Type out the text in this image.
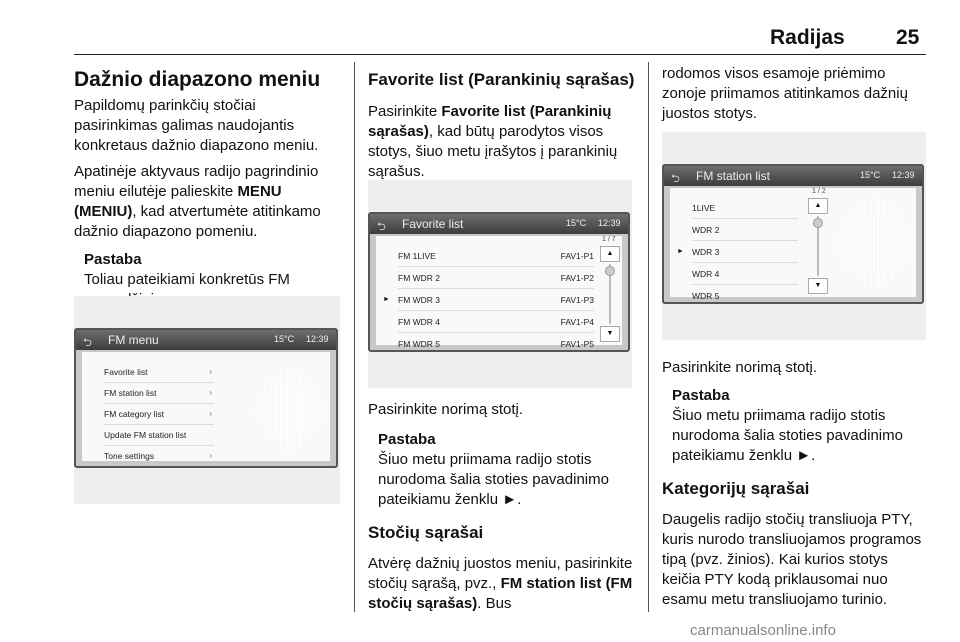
Radijas 25
Dažnio diapazono meniu

Papildomų parinkčių stočiai pasirinkimas galimas naudojantis konkretaus dažnio diapazono meniu.

Apatinėje aktyvaus radijo pagrindinio meniu eilutėje palieskite MENU (MENIU), kad atvertumėte atitinkamo dažnio diapazono pomeniu.

Pastaba
Toliau pateikiami konkretūs FM
⮌ FM menu	15°C 12:39
Favorite list	›
FM station list	›
FM category list	›
Update FM station list
Tone settings	›
Favorite list (Parankinių sąrašas)

Pasirinkite Favorite list (Parankinių sąrašas), kad būtų parodytos visos stotys, šiuo metu įrašytos į parankinių sąrašus.

⮌ Favorite list	15°C 12:39
FM 1LIVE	FAV1-P1
FM WDR 2	FAV1-P2
► FM WDR 3	FAV1-P3
FM WDR 4	FAV1-P4
FM WDR 5	FAV1-P5
1 / 7
▲
▼

Pasirinkite norimą stotį.

Pastaba
Šiuo metu priimama radijo stotis nurodoma šalia stoties pavadinimo pateikiamu ženklu ►.
Stočių sąrašai

Atvėrę dažnių juostos meniu, pasirinkite stočių sąrašą, pvz., FM station list (FM stočių sąrašas). Bus

rodomos visos esamoje priėmimo zonoje priimamos atitinkamos dažnių juostos stotys.

⮌ FM station list	15°C 12:39
1LIVE
WDR 2
► WDR 3
WDR 4
WDR 5
1 / 2
▲
▼

Pasirinkite norimą stotį.

Pastaba
Šiuo metu priimama radijo stotis nurodoma šalia stoties pavadinimo pateikiamu ženklu ►.
Kategorijų sąrašai

Daugelis radijo stočių transliuoja PTY, kuris nurodo transliuojamos programos tipą (pvz. žinios). Kai kurios stotys keičia PTY kodą priklausomai nuo esamu metu transliuojamo turinio.

carmanualsonline.info
